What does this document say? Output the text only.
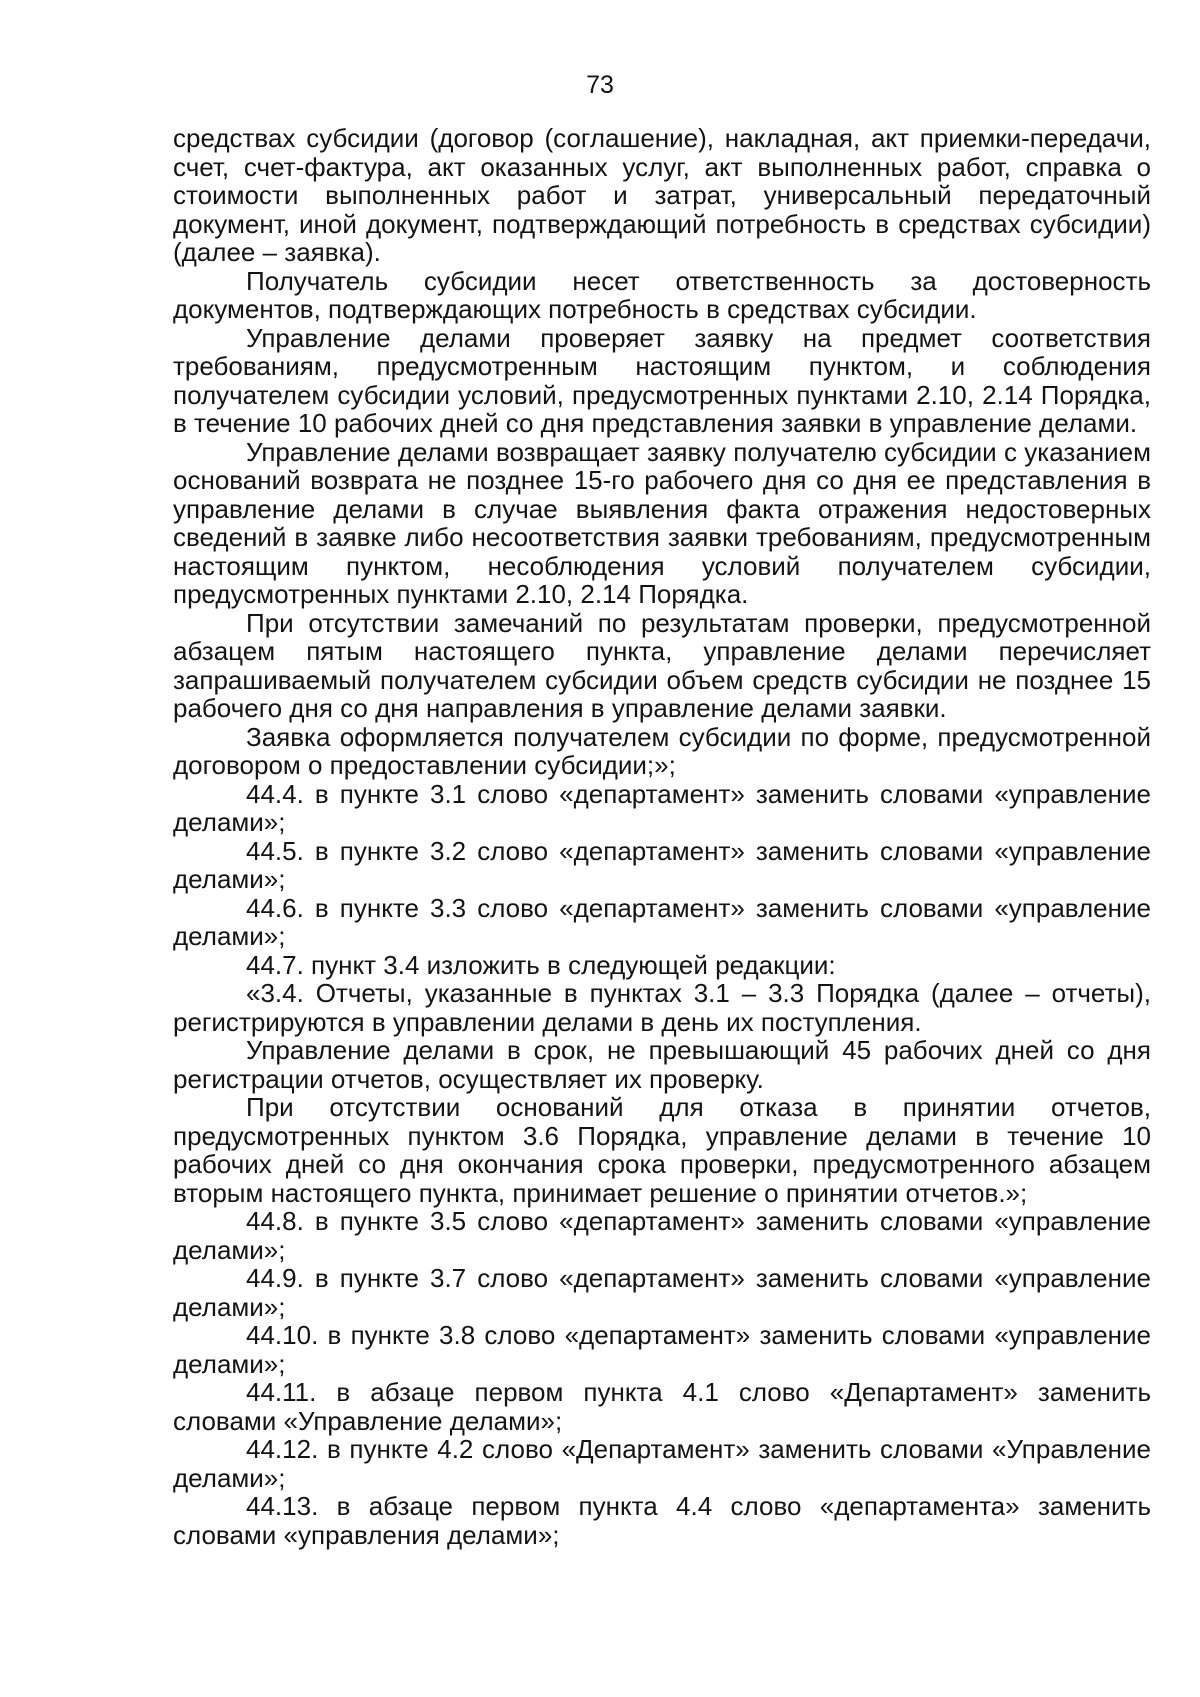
73

средствах субсидии (договор (соглашение), накладная, акт приемки-передачи, счет, счет-фактура, акт оказанных услуг, акт выполненных работ, справка о стоимости выполненных работ и затрат, универсальный передаточный документ, иной документ, подтверждающий потребность в средствах субсидии) (далее – заявка).

Получатель субсидии несет ответственность за достоверность документов, подтверждающих потребность в средствах субсидии.

Управление делами проверяет заявку на предмет соответствия требованиям, предусмотренным настоящим пунктом, и соблюдения получателем субсидии условий, предусмотренных пунктами 2.10, 2.14 Порядка, в течение 10 рабочих дней со дня представления заявки в управление делами.

Управление делами возвращает заявку получателю субсидии с указанием оснований возврата не позднее 15-го рабочего дня со дня ее представления в управление делами в случае выявления факта отражения недостоверных сведений в заявке либо несоответствия заявки требованиям, предусмотренным настоящим пунктом, несоблюдения условий получателем субсидии, предусмотренных пунктами 2.10, 2.14 Порядка.

При отсутствии замечаний по результатам проверки, предусмотренной абзацем пятым настоящего пункта, управление делами перечисляет запрашиваемый получателем субсидии объем средств субсидии не позднее 15 рабочего дня со дня направления в управление делами заявки.

Заявка оформляется получателем субсидии по форме, предусмотренной договором о предоставлении субсидии;»;

44.4. в пункте 3.1 слово «департамент» заменить словами «управление делами»;

44.5. в пункте 3.2 слово «департамент» заменить словами «управление делами»;

44.6. в пункте 3.3 слово «департамент» заменить словами «управление делами»;

44.7. пункт 3.4 изложить в следующей редакции:

«3.4. Отчеты, указанные в пунктах 3.1 – 3.3 Порядка (далее – отчеты), регистрируются в управлении делами в день их поступления.

Управление делами в срок, не превышающий 45 рабочих дней со дня регистрации отчетов, осуществляет их проверку.

При отсутствии оснований для отказа в принятии отчетов, предусмотренных пунктом 3.6 Порядка, управление делами в течение 10 рабочих дней со дня окончания срока проверки, предусмотренного абзацем вторым настоящего пункта, принимает решение о принятии отчетов.»;

44.8. в пункте 3.5 слово «департамент» заменить словами «управление делами»;

44.9. в пункте 3.7 слово «департамент» заменить словами «управление делами»;

44.10. в пункте 3.8 слово «департамент» заменить словами «управление делами»;

44.11. в абзаце первом пункта 4.1 слово «Департамент» заменить словами «Управление делами»;

44.12. в пункте 4.2 слово «Департамент» заменить словами «Управление делами»;

44.13. в абзаце первом пункта 4.4 слово «департамента» заменить словами «управления делами»;
